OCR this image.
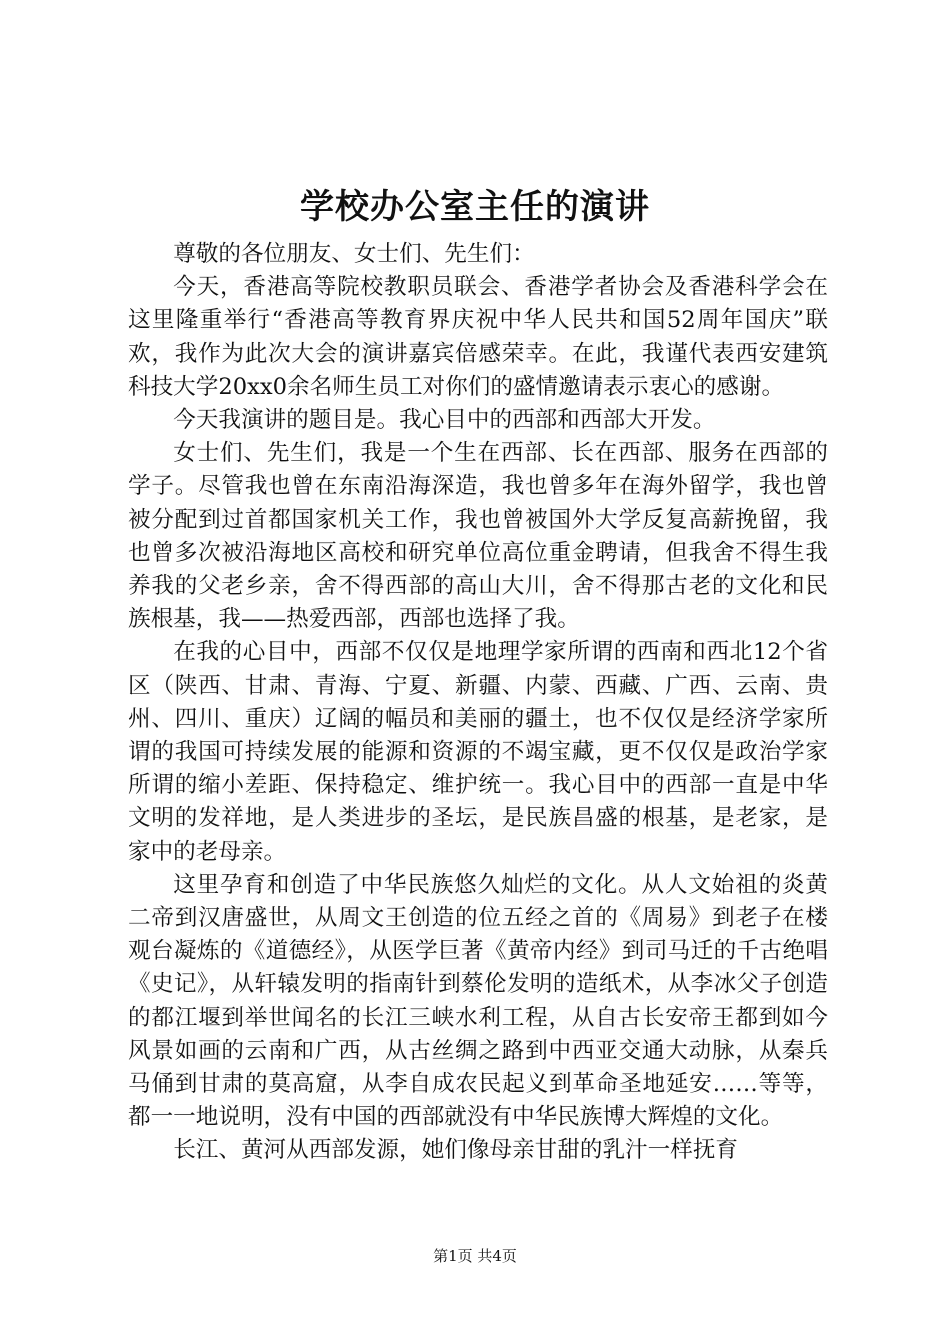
学校办公室主任的演讲

尊敬的各位朋友、女士们、先生们：

今天，香港高等院校教职员联会、香港学者协会及香港科学会在这里隆重举行“香港高等教育界庆祝中华人民共和国52周年国庆”联欢，我作为此次大会的演讲嘉宾倍感荣幸。在此，我谨代表西安建筑科技大学20xx0余名师生员工对你们的盛情邀请表示衷心的感谢。

今天我演讲的题目是。我心目中的西部和西部大开发。

女士们、先生们，我是一个生在西部、长在西部、服务在西部的学子。尽管我也曾在东南沿海深造，我也曾多年在海外留学，我也曾被分配到过首都国家机关工作，我也曾被国外大学反复高薪挽留，我也曾多次被沿海地区高校和研究单位高位重金聘请，但我舍不得生我养我的父老乡亲，舍不得西部的高山大川，舍不得那古老的文化和民族根基，我——热爱西部，西部也选择了我。

在我的心目中，西部不仅仅是地理学家所谓的西南和西北12个省区（陕西、甘肃、青海、宁夏、新疆、内蒙、西藏、广西、云南、贵州、四川、重庆）辽阔的幅员和美丽的疆土，也不仅仅是经济学家所谓的我国可持续发展的能源和资源的不竭宝藏，更不仅仅是政治学家所谓的缩小差距、保持稳定、维护统一。我心目中的西部一直是中华文明的发祥地，是人类进步的圣坛，是民族昌盛的根基，是老家，是家中的老母亲。

这里孕育和创造了中华民族悠久灿烂的文化。从人文始祖的炎黄二帝到汉唐盛世，从周文王创造的位五经之首的《周易》到老子在楼观台凝炼的《道德经》，从医学巨著《黄帝内经》到司马迁的千古绝唱《史记》，从轩辕发明的指南针到蔡伦发明的造纸术，从李冰父子创造的都江堰到举世闻名的长江三峡水利工程，从自古长安帝王都到如今风景如画的云南和广西，从古丝绸之路到中西亚交通大动脉，从秦兵马俑到甘肃的莫高窟，从李自成农民起义到革命圣地延安……等等，都一一地说明，没有中国的西部就没有中华民族博大辉煌的文化。

长江、黄河从西部发源，她们像母亲甘甜的乳汁一样抚育

第1页 共4页
